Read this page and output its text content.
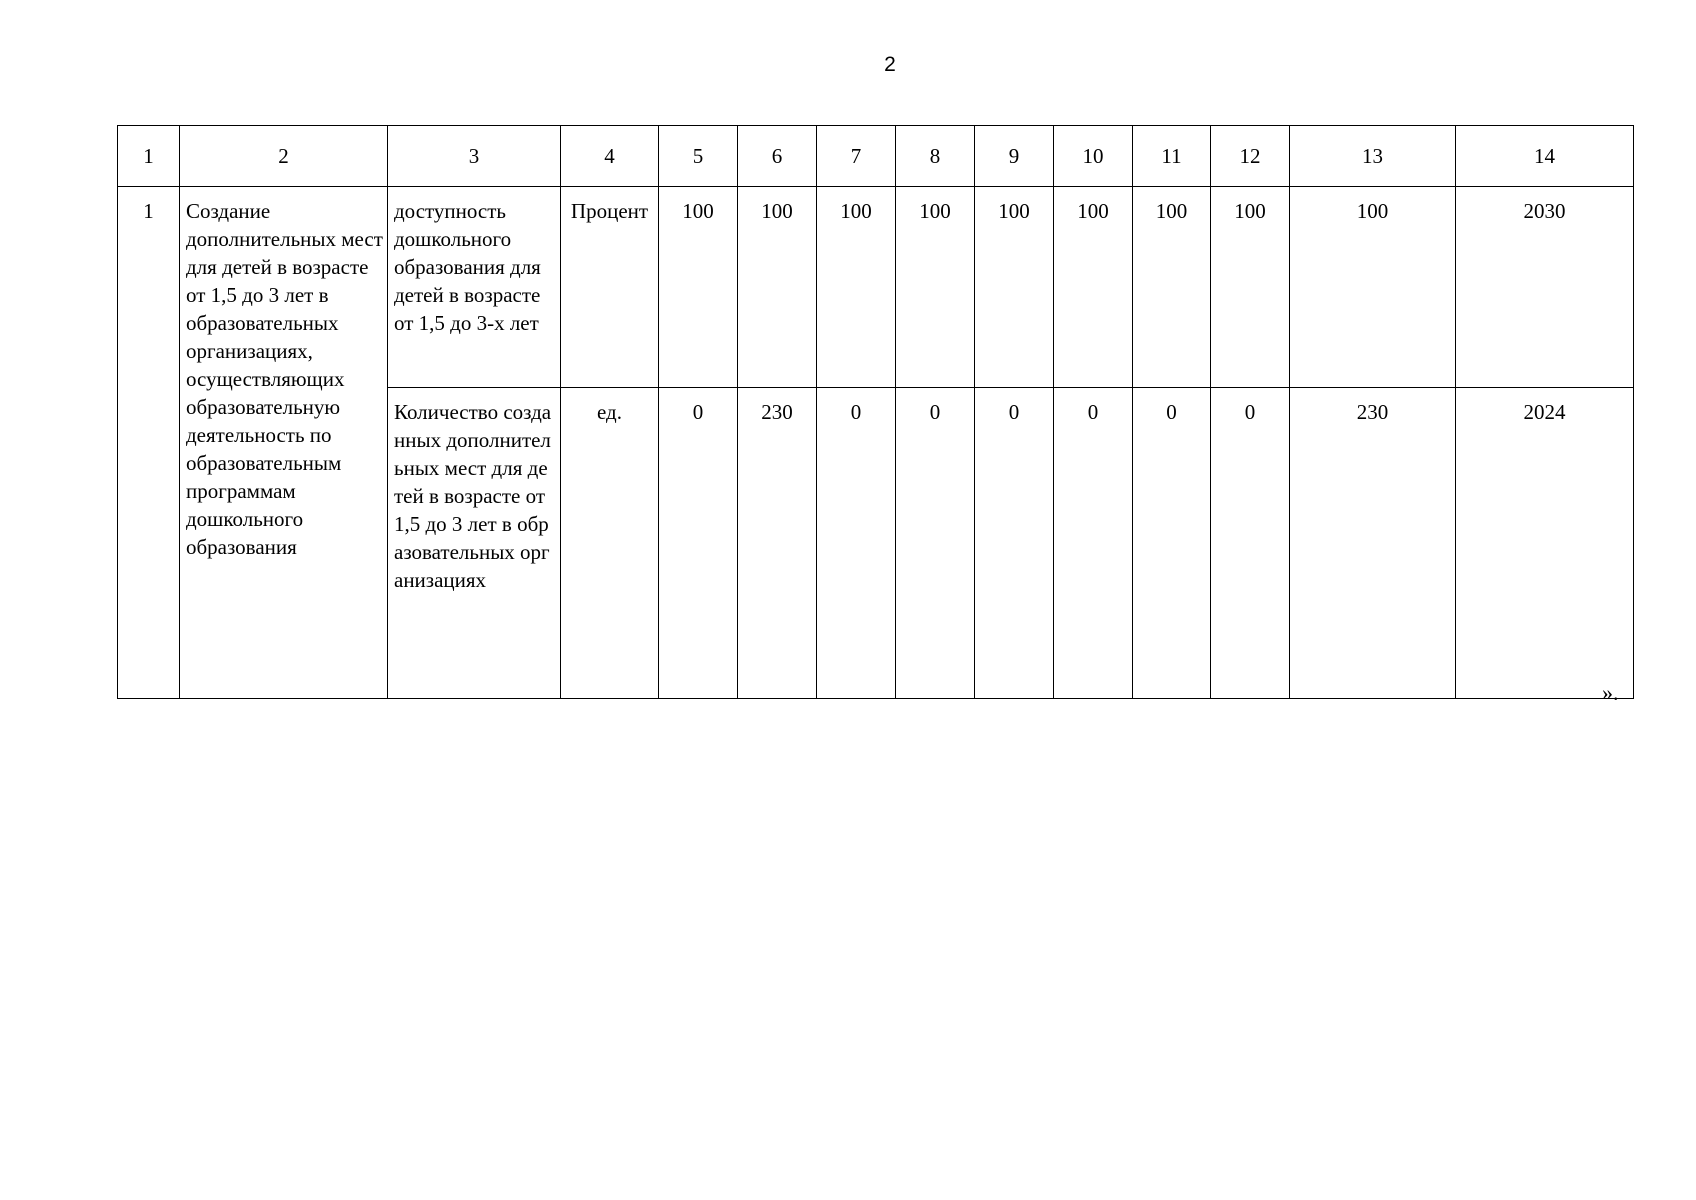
2
1	2	3	4	5	6	7	8	9	10	11	12	13	14
1	Создание дополнительных мест для детей в возрасте от 1,5 до 3 лет в образовательных организациях, осуществляющих образовательную деятельность по образовательным программам дошкольного образования	доступность дошкольного образования для детей в возрасте от 1,5 до 3-х лет	Процент	100	100	100	100	100	100	100	100	100	2030
		Количество созданных дополнительных мест для детей в возрасте от 1,5 до 3 лет в образовательных организациях	ед.	0	230	0	0	0	0	0	0	230	2024
».
